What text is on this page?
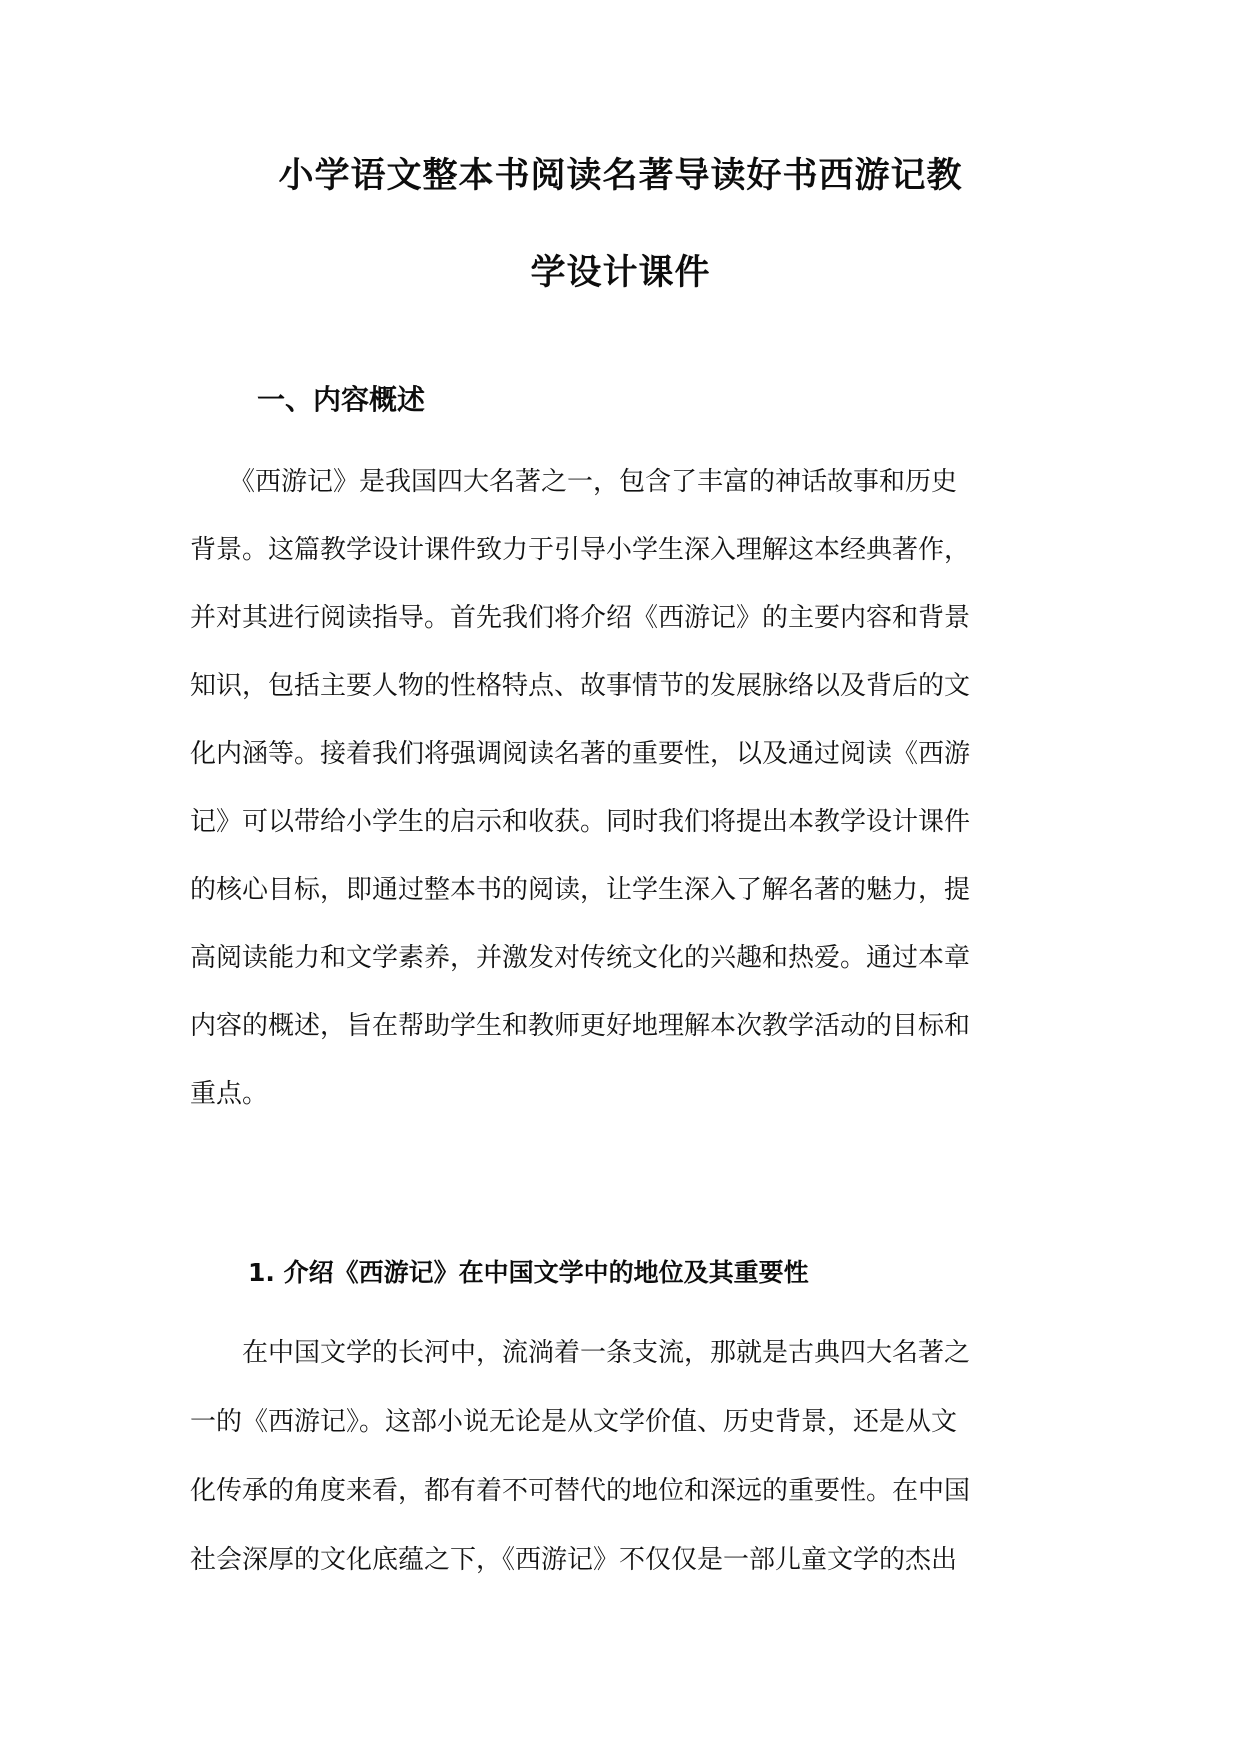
小学语文整本书阅读名著导读好书西游记教
学设计课件
一、内容概述
　　《西游记》是我国四大名著之一，包含了丰富的神话故事和历史
背景。这篇教学设计课件致力于引导小学生深入理解这本经典著作，
并对其进行阅读指导。首先我们将介绍《西游记》的主要内容和背景
知识，包括主要人物的性格特点、故事情节的发展脉络以及背后的文
化内涵等。接着我们将强调阅读名著的重要性，以及通过阅读《西游
记》可以带给小学生的启示和收获。同时我们将提出本教学设计课件
的核心目标，即通过整本书的阅读，让学生深入了解名著的魅力，提
高阅读能力和文学素养，并激发对传统文化的兴趣和热爱。通过本章
内容的概述，旨在帮助学生和教师更好地理解本次教学活动的目标和
重点。
1. 介绍《西游记》在中国文学中的地位及其重要性
　　在中国文学的长河中，流淌着一条支流，那就是古典四大名著之
一的《西游记》。这部小说无论是从文学价值、历史背景，还是从文
化传承的角度来看，都有着不可替代的地位和深远的重要性。在中国
社会深厚的文化底蕴之下，《西游记》不仅仅是一部儿童文学的杰出
